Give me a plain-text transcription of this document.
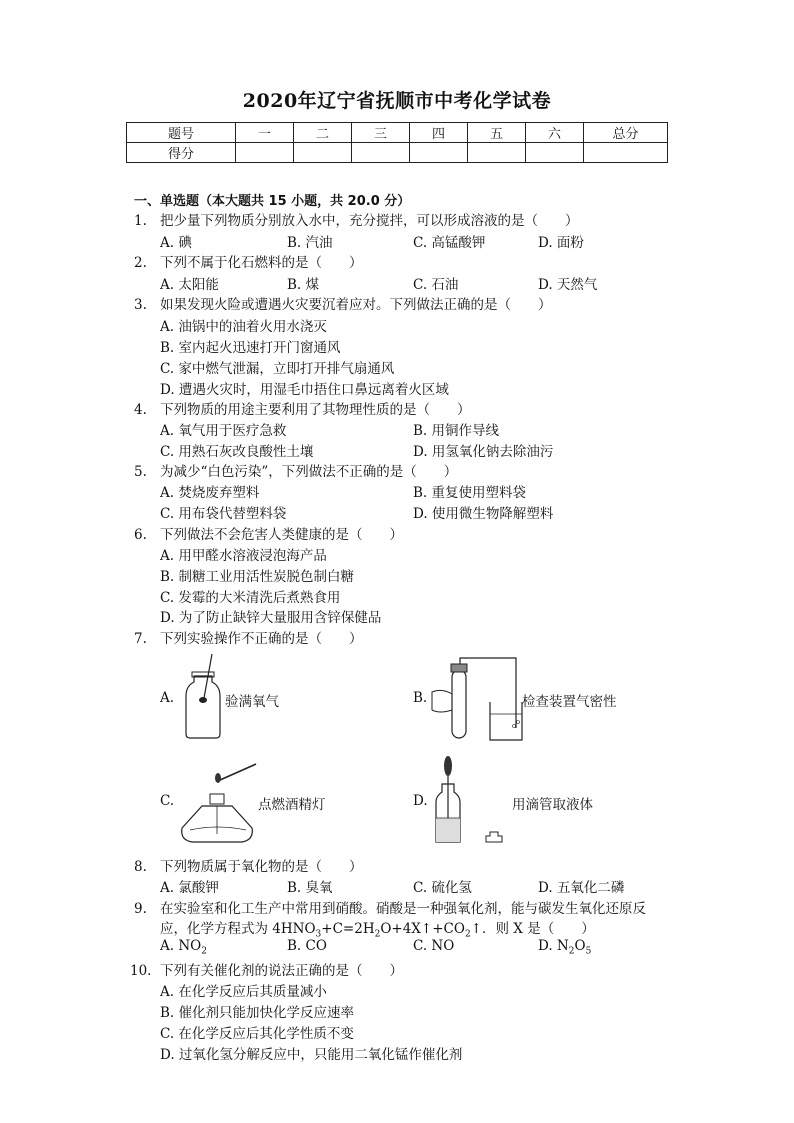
2020年辽宁省抚顺市中考化学试卷
题号	一	二	三	四	五	六	总分
得分							
一、单选题（本大题共 15 小题，共 20.0 分）
1. 把少量下列物质分别放入水中，充分搅拌，可以形成溶液的是（　　）
A. 碘	B. 汽油	C. 高锰酸钾	D. 面粉
2. 下列不属于化石燃料的是（　　）
A. 太阳能	B. 煤	C. 石油	D. 天然气
3. 如果发现火险或遭遇火灾要沉着应对。下列做法正确的是（　　）
A. 油锅中的油着火用水浇灭
B. 室内起火迅速打开门窗通风
C. 家中燃气泄漏，立即打开排气扇通风
D. 遭遇火灾时，用湿毛巾捂住口鼻远离着火区域
4. 下列物质的用途主要利用了其物理性质的是（　　）
A. 氧气用于医疗急救	B. 用铜作导线
C. 用熟石灰改良酸性土壤	D. 用氢氧化钠去除油污
5. 为减少“白色污染”，下列做法不正确的是（　　）
A. 焚烧废弃塑料	B. 重复使用塑料袋
C. 用布袋代替塑料袋	D. 使用微生物降解塑料
6. 下列做法不会危害人类健康的是（　　）
A. 用甲醛水溶液浸泡海产品
B. 制糖工业用活性炭脱色制白糖
C. 发霉的大米清洗后煮熟食用
D. 为了防止缺锌大量服用含锌保健品
7. 下列实验操作不正确的是（　　）
A.	验满氧气	B.	检查装置气密性
C.	点燃酒精灯	D.	用滴管取液体
8. 下列物质属于氧化物的是（　　）
A. 氯酸钾	B. 臭氧	C. 硫化氢	D. 五氧化二磷
9. 在实验室和化工生产中常用到硝酸。硝酸是一种强氧化剂，能与碳发生氧化还原反
应，化学方程式为 $4HNO_3+C=2H_2O+4X↑+CO_2↑$．则 X 是（　　）
A. $NO_2$	B. CO	C. NO	D. $N_2O_5$
10. 下列有关催化剂的说法正确的是（　　）
A. 在化学反应后其质量减小
B. 催化剂只能加快化学反应速率
C. 在化学反应后其化学性质不变
D. 过氧化氢分解反应中，只能用二氧化锰作催化剂
